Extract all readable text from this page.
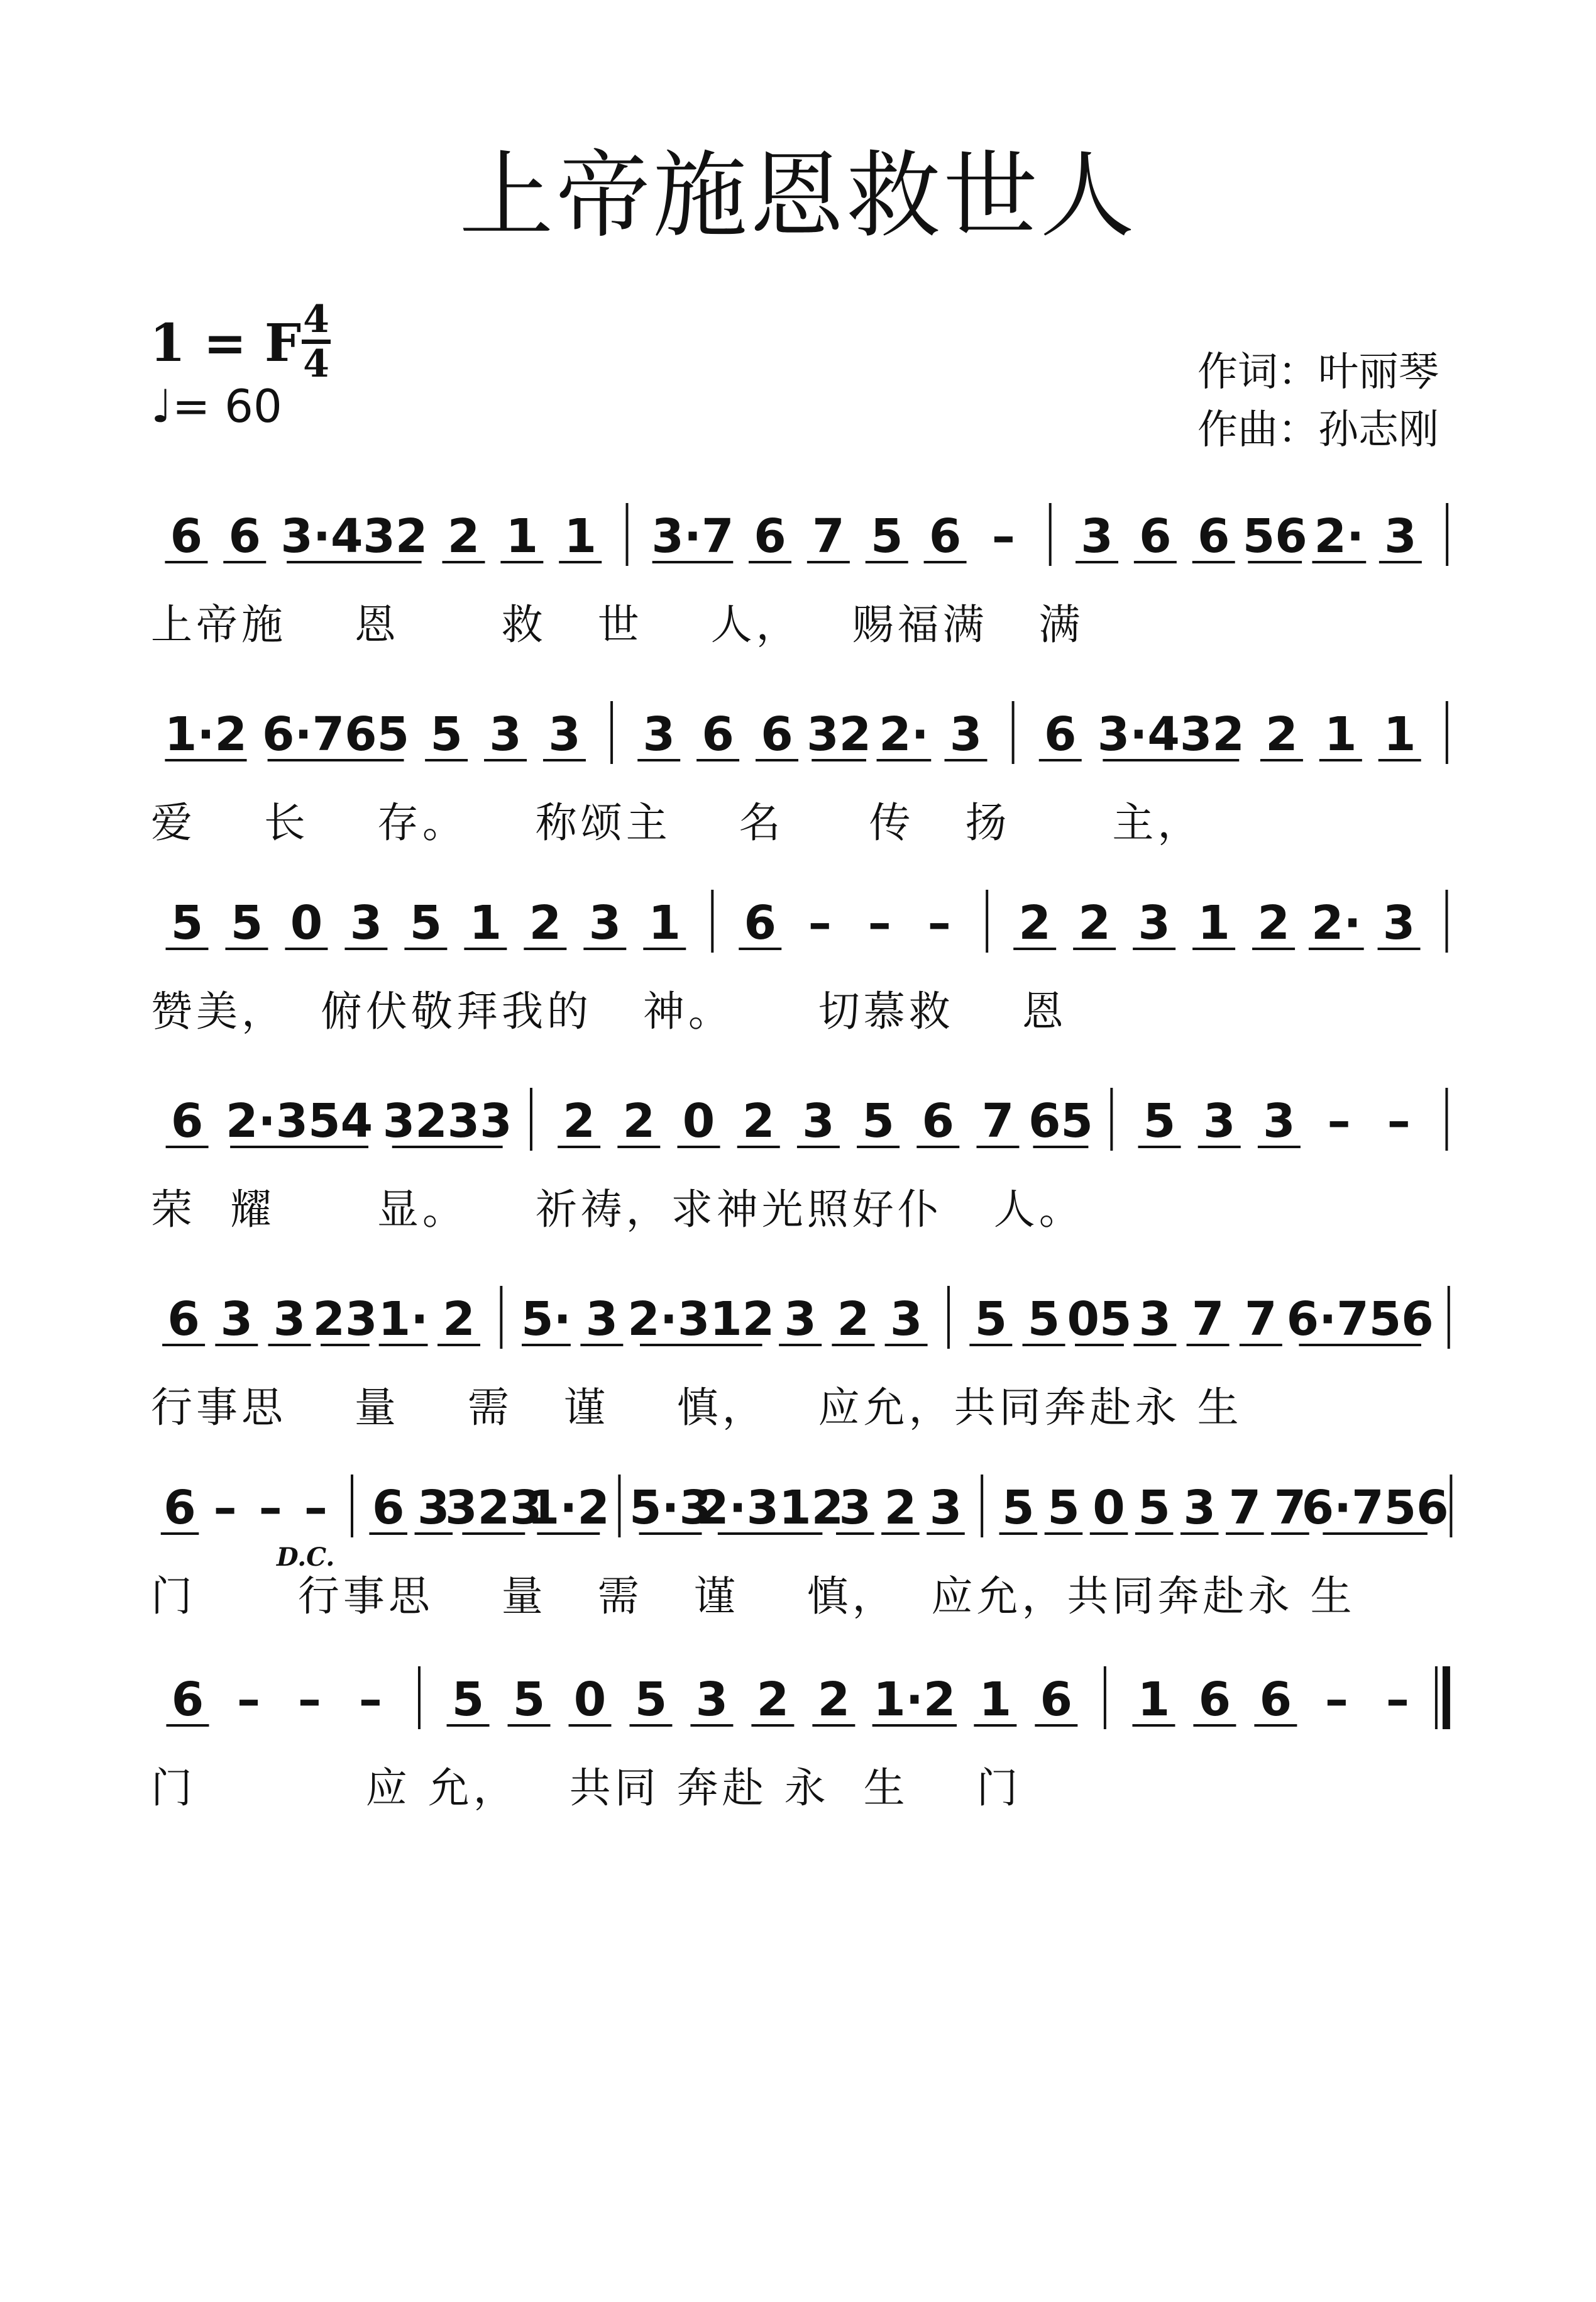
上帝施恩救世人
1 = F 4
4
♩= 60
作词：叶丽琴
作曲：孙志刚
6 6 3·432 2 1 1 3·7 6 7 5 6 – 3 6 6 56 2· 3
上帝施    恩      救   世    人，   赐福满   满
1·2 6·765 5 3 3 3 6 6 32 2· 3 6 3·432 2 1 1
爱    长    存。    称颂主    名     传   扬      主，
5 5 0 3 5 1 2 3 1 6 – – – 2 2 3 1 2 2· 3
赞美，  俯伏敬拜我的   神。     切慕救    恩
6 2·354 3233 2 2 0 2 3 5 6 7 65 5 3 3 – –
荣  耀      显。    祈祷，求神光照好仆   人。
6 3 3 23 1· 2 5· 3 2·312 3 2 3 5 5 05 3 7 7 6·756
行事思    量    需   谨    慎，   应允，共同奔赴永 生
6 – – – 6 3
323
1·2 5·3
2·312
3 2 3 5 5 0 5 3 7 7
6·756
D.C.
门      行事思    量   需   谨    慎，  应允，共同奔赴永 生
6 – – – 5 5 0 5 3 2 2 1·2 1 6 1 6 6 – –
门          应 允，   共同 奔赴 永  生    门
